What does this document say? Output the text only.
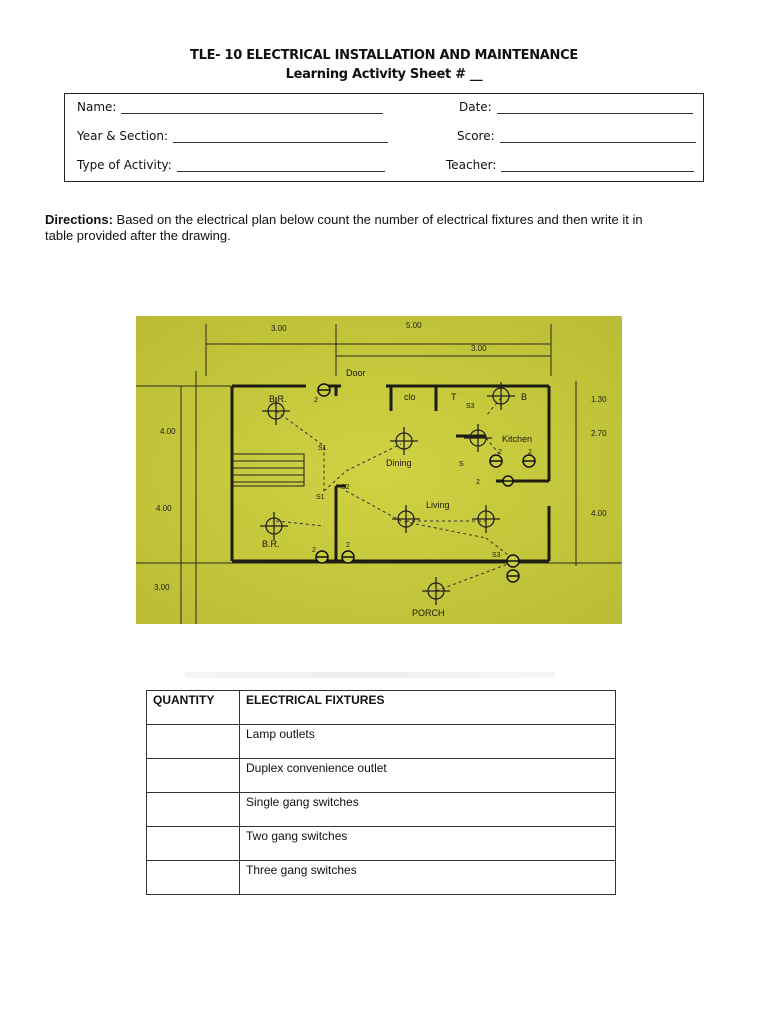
TLE- 10 ELECTRICAL INSTALLATION AND MAINTENANCE
Learning Activity Sheet # __
Name:	Date:
Year & Section:	Score:
Type of Activity:	Teacher:
Directions: Based on the electrical plan below count the number of electrical fixtures and then write it in table provided after the drawing.
3.00	5.00
3.00
4.00
4.00
3.00
1.30
2.70
4.00
Door
clo	T	B
B.R.
B.R.
Kitchen
Dining
Living
PORCH
S1
S1
S2
S3
S
S3
2
2
2
2	2
2
QUANTITY	ELECTRICAL FIXTURES
	Lamp outlets
	Duplex convenience outlet
	Single gang switches
	Two gang switches
	Three gang switches
